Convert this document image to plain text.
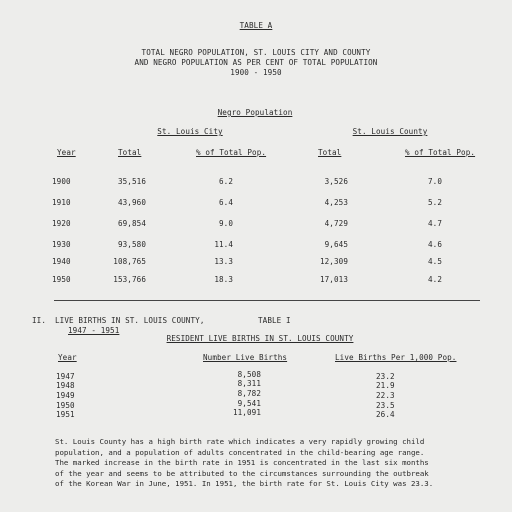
TABLE A
TOTAL NEGRO POPULATION, ST. LOUIS CITY AND COUNTY
AND NEGRO POPULATION AS PER CENT OF TOTAL POPULATION
1900 - 1950
Negro Population
St. Louis City	St. Louis County
Year	Total	% of Total Pop.	Total	% of Total Pop.
1900	35,516	6.2	3,526	7.0
1910	43,960	6.4	4,253	5.2
1920	69,854	9.0	4,729	4.7
1930	93,580	11.4	9,645	4.6
1940	108,765	13.3	12,309	4.5
1950	153,766	18.3	17,013	4.2
II. LIVE BIRTHS IN ST. LOUIS COUNTY,	TABLE I
1947 - 1951
RESIDENT LIVE BIRTHS IN ST. LOUIS COUNTY
Year	Number Live Births	Live Births Per 1,000 Pop.
1947	8,508	23.2
1948	8,311	21.9
1949	8,782	22.3
1950	9,541	23.5
1951	11,091	26.4
St. Louis County has a high birth rate which indicates a very rapidly growing child
population, and a population of adults concentrated in the child-bearing age range.
The marked increase in the birth rate in 1951 is concentrated in the last six months
of the year and seems to be attributed to the circumstances surrounding the outbreak
of the Korean War in June, 1951. In 1951, the birth rate for St. Louis City was 23.3.
